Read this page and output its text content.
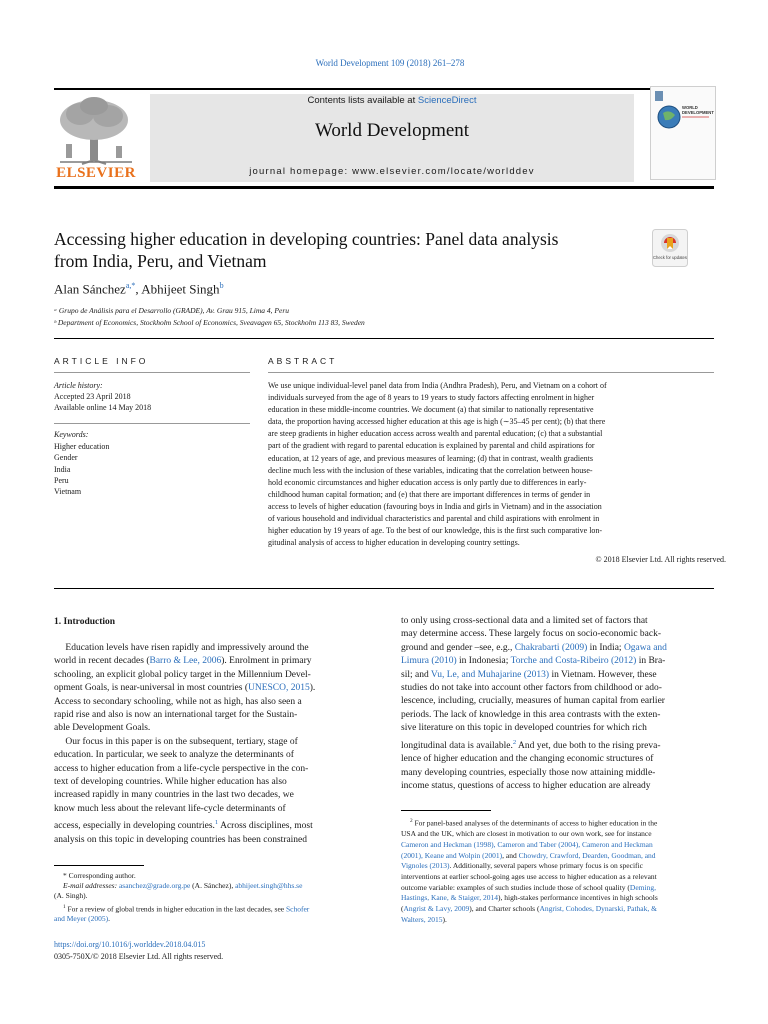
World Development 109 (2018) 261–278
ELSEVIER
Contents lists available at ScienceDirect
World Development
journal homepage: www.elsevier.com/locate/worlddev
WORLD
DEVELOPMENT
Accessing higher education in developing countries: Panel data analysis
from India, Peru, and Vietnam	Check for updates
Alan Sánchez$^{a,*}$, Abhijeet Singh$^b$
ᵃ Grupo de Análisis para el Desarrollo (GRADE), Av. Grau 915, Lima 4, Peru
ᵇ Department of Economics, Stockholm School of Economics, Sveavagen 65, Stockholm 113 83, Sweden
ARTICLE INFO	ABSTRACT
Article history:
Accepted 23 April 2018
Available online 14 May 2018
Keywords:
Higher education
Gender
India
Peru
Vietnam
We use unique individual-level panel data from India (Andhra Pradesh), Peru, and Vietnam on a cohort of
individuals surveyed from the age of 8 years to 19 years to study factors affecting enrolment in higher
education in these middle-income countries. We document (a) that similar to nationally representative
data, the proportion having accessed higher education at this age is high (∼35–45 per cent); (b) that there
are steep gradients in higher education access across wealth and parental education; (c) that a substantial
part of the gradient with regard to parental education is explained by parental and child aspirations for
education, at 12 years of age, and previous measures of learning; (d) that in contrast, wealth gradients
decline much less with the inclusion of these variables, indicating that the correlation between house-
hold economic circumstances and higher education access is only partly due to differences in early-
childhood human capital formation; and (e) that there are important differences in terms of gender in
access to levels of higher education (favouring boys in India and girls in Vietnam) and in the association
of various household and individual characteristics and parental and child aspirations with enrolment in
higher education by 19 years of age. To the best of our knowledge, this is the first such comparative lon-
gitudinal analysis of access to higher education in developing country settings.
© 2018 Elsevier Ltd. All rights reserved.
1. Introduction
Education levels have risen rapidly and impressively around the
world in recent decades (Barro & Lee, 2006). Enrolment in primary
schooling, an explicit global policy target in the Millennium Devel-
opment Goals, is near-universal in most countries (UNESCO, 2015).
Access to secondary schooling, while not as high, has also seen a
rapid rise and also is now an international target for the Sustain-
able Development Goals.
Our focus in this paper is on the subsequent, tertiary, stage of
education. In particular, we seek to analyze the determinants of
access to higher education from a life-cycle perspective in the con-
text of developing countries. While higher education has also
increased rapidly in many countries in the last two decades, we
know much less about the relevant life-cycle determinants of
access, especially in developing countries.$^1$ Across disciplines, most
analysis on this topic in developing countries has been constrained
to only using cross-sectional data and a limited set of factors that
may determine access. These largely focus on socio-economic back-
ground and gender –see, e.g., Chakrabarti (2009) in India; Ogawa and
Limura (2010) in Indonesia; Torche and Costa-Ribeiro (2012) in Bra-
sil; and Vu, Le, and Muhajarine (2013) in Vietnam. However, these
studies do not take into account other factors from childhood or ado-
lescence, including, crucially, measures of human capital from earlier
periods. The lack of knowledge in this area contrasts with the exten-
sive literature on this topic in developed countries for which rich
longitudinal data is available.$^2$ And yet, due both to the rising preva-
lence of higher education and the changing economic structures of
many developing countries, especially those now attaining middle-
income status, questions of access to higher education are already
* Corresponding author.
E-mail addresses: asanchez@grade.org.pe (A. Sánchez), abhijeet.singh@hhs.se
(A. Singh).
$^1$ For a review of global trends in higher education in the last decades, see Schofer
and Meyer (2005).
$^2$ For panel-based analyses of the determinants of access to higher education in the
USA and the UK, which are closest in motivation to our own work, see for instance
Cameron and Heckman (1998), Cameron and Taber (2004), Cameron and Heckman
(2001), Keane and Wolpin (2001), and Chowdry, Crawford, Dearden, Goodman, and
Vignoles (2013). Additionally, several papers whose primary focus is on specific
interventions at earlier school-going ages use access to higher education as a relevant
outcome variable: examples of such studies include those of school quality (Deming,
Hastings, Kane, & Staiger, 2014), high-stakes performance incentives in high schools
(Angrist & Lavy, 2009), and Charter schools (Angrist, Cohodes, Dynarski, Pathak, &
Walters, 2015).
https://doi.org/10.1016/j.worlddev.2018.04.015
0305-750X/© 2018 Elsevier Ltd. All rights reserved.
